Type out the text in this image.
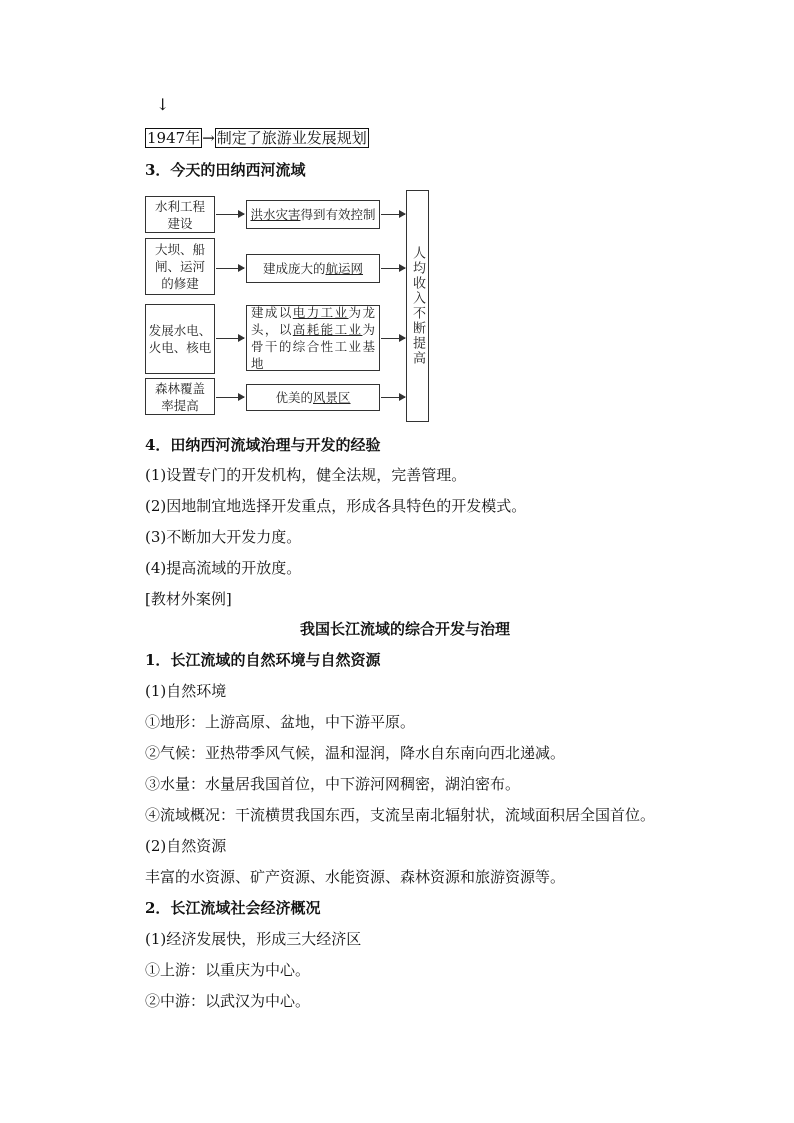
↓
1947年 → 制定了旅游业发展规划
3．今天的田纳西河流域
水利工程建设
大坝、船闸、运河的修建
发展水电、火电、核电
森林覆盖率提高
洪水灾害得到有效控制
建成庞大的航运网
建成以电力工业为龙头，以高耗能工业为骨干的综合性工业基地
优美的风景区
人均收入不断提高
4．田纳西河流域治理与开发的经验
(1)设置专门的开发机构，健全法规，完善管理。
(2)因地制宜地选择开发重点，形成各具特色的开发模式。
(3)不断加大开发力度。
(4)提高流域的开放度。
[教材外案例]
我国长江流域的综合开发与治理
1．长江流域的自然环境与自然资源
(1)自然环境
①地形：上游高原、盆地，中下游平原。
②气候：亚热带季风气候，温和湿润，降水自东南向西北递减。
③水量：水量居我国首位，中下游河网稠密，湖泊密布。
④流域概况：干流横贯我国东西，支流呈南北辐射状，流域面积居全国首位。
(2)自然资源
丰富的水资源、矿产资源、水能资源、森林资源和旅游资源等。
2．长江流域社会经济概况
(1)经济发展快，形成三大经济区
①上游：以重庆为中心。
②中游：以武汉为中心。
